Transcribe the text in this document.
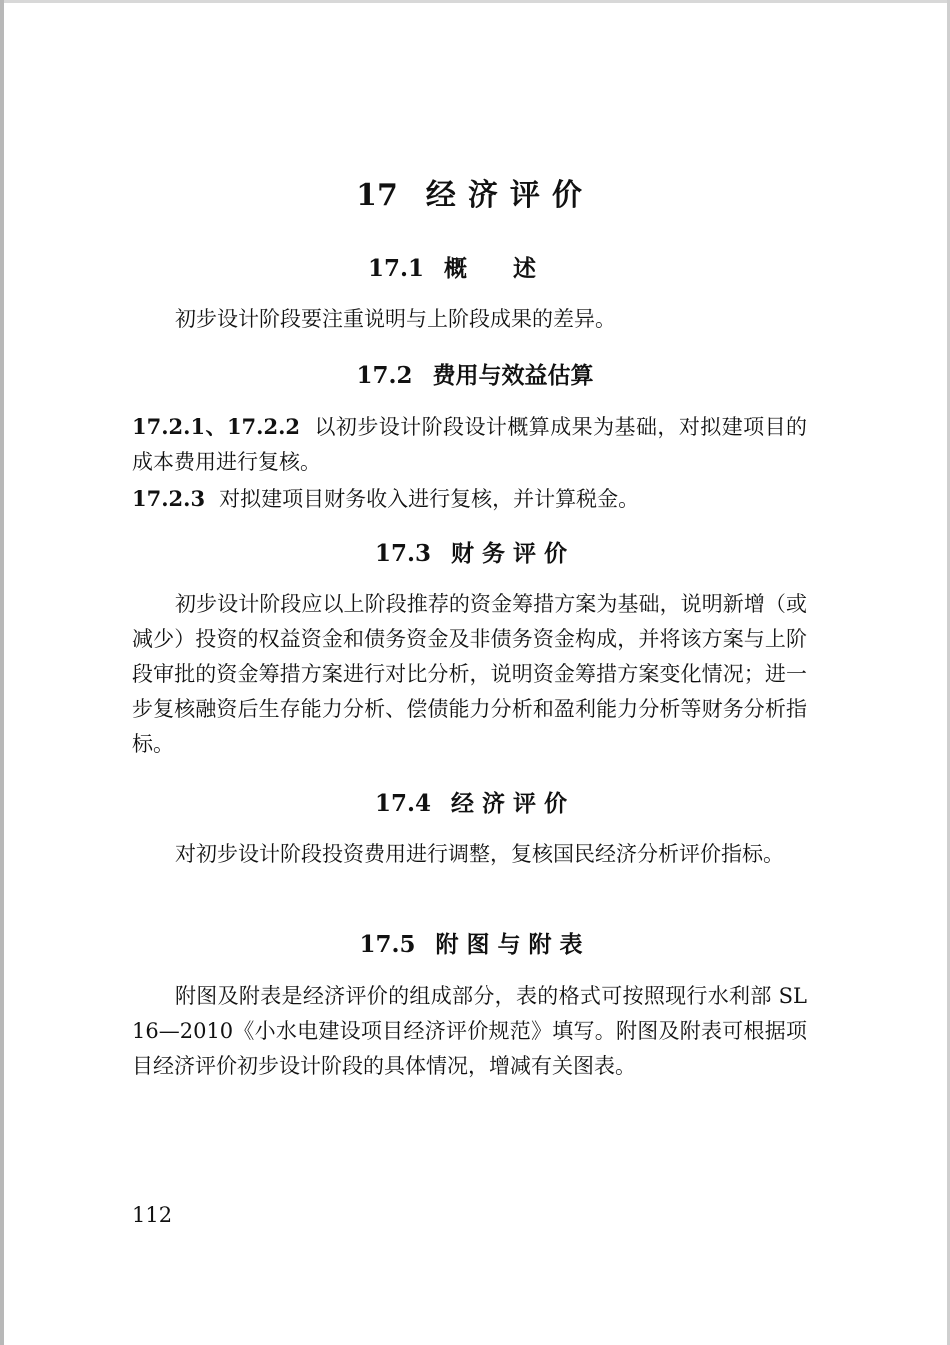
17 经济评价
17.1 概述
初步设计阶段要注重说明与上阶段成果的差异。
17.2 费用与效益估算
17.2.1、17.2.2 以初步设计阶段设计概算成果为基础，对拟建项目的成本费用进行复核。
17.2.3 对拟建项目财务收入进行复核，并计算税金。
17.3 财务评价
初步设计阶段应以上阶段推荐的资金筹措方案为基础，说明新增（或减少）投资的权益资金和债务资金及非债务资金构成，并将该方案与上阶段审批的资金筹措方案进行对比分析，说明资金筹措方案变化情况；进一步复核融资后生存能力分析、偿债能力分析和盈利能力分析等财务分析指标。
17.4 经济评价
对初步设计阶段投资费用进行调整，复核国民经济分析评价指标。
17.5 附图与附表
附图及附表是经济评价的组成部分，表的格式可按照现行水利部 SL 16—2010《小水电建设项目经济评价规范》填写。附图及附表可根据项目经济评价初步设计阶段的具体情况，增减有关图表。
112
